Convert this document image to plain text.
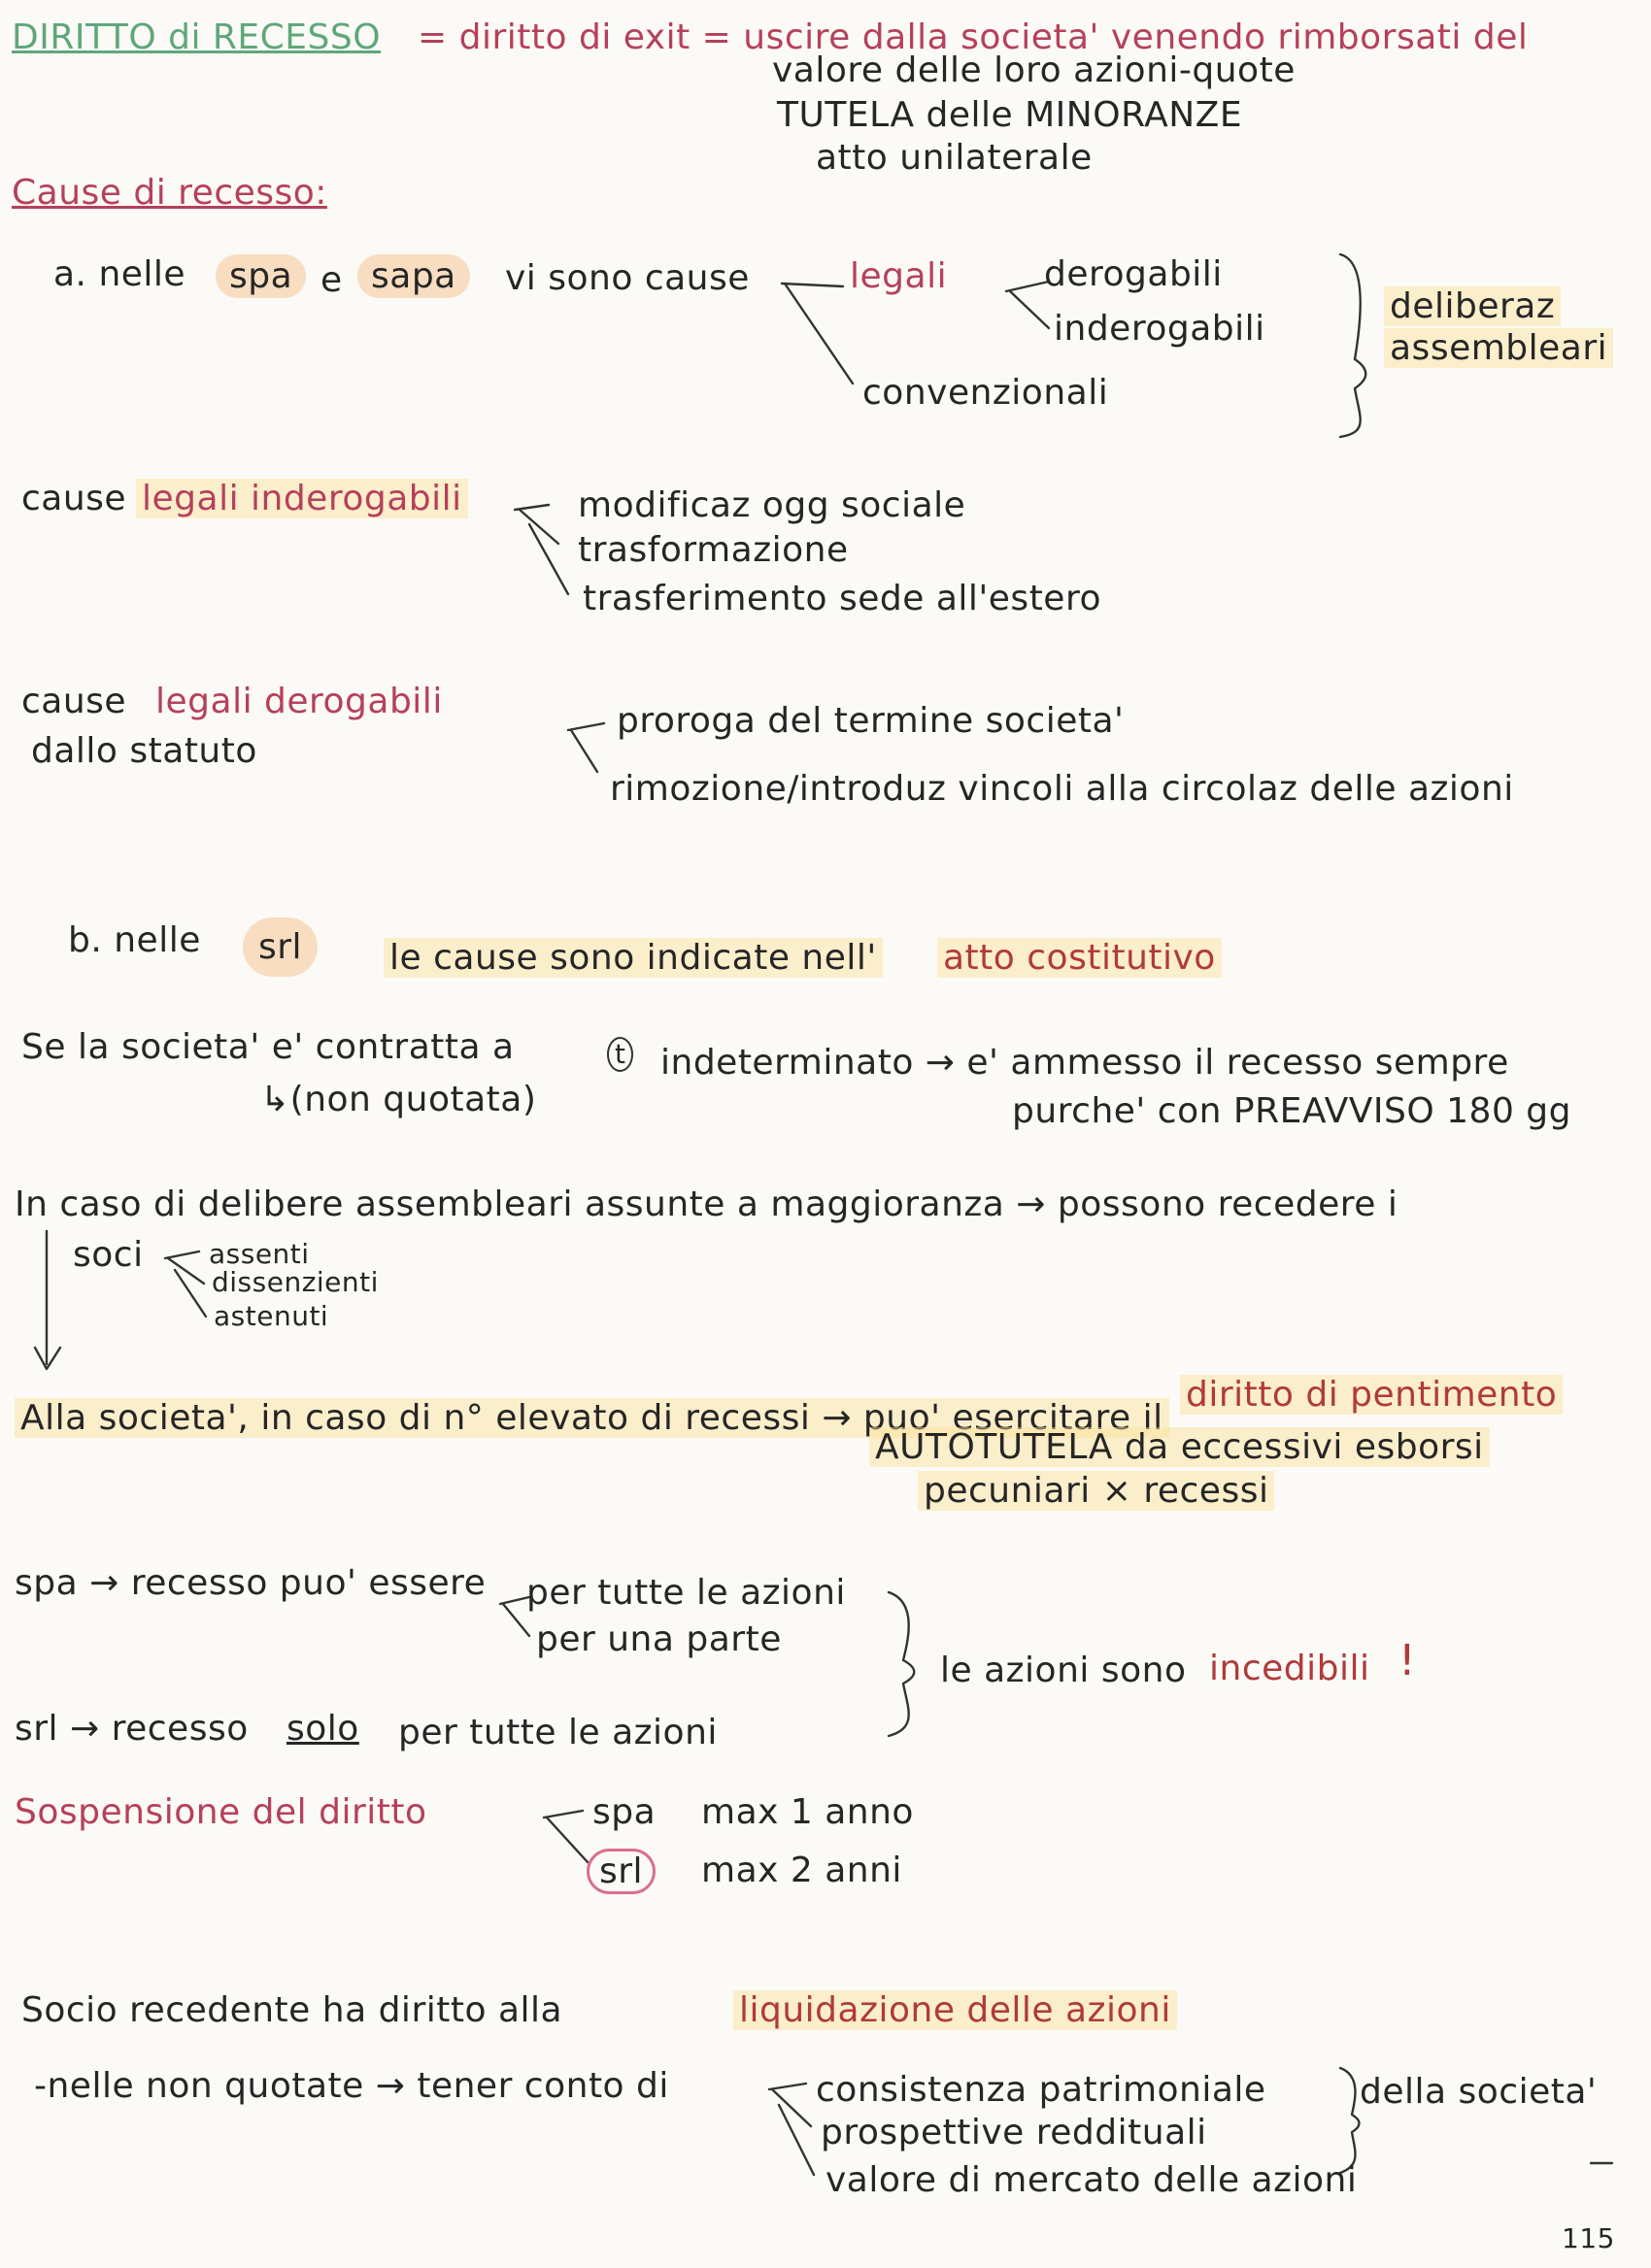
DIRITTO di RECESSO = diritto di exit = uscire dalla societa' venendo rimborsati del
valore delle loro azioni-quote
TUTELA delle MINORANZE
atto unilaterale
Cause di recesso:
a. nelle	spa e sapa	vi sono cause	legali	derogabili
inderogabili
convenzionali
deliberaz
assembleari
cause legali inderogabili	modificaz ogg sociale
trasformazione
trasferimento sede all'estero
cause legali derogabili
dallo statuto
proroga del termine societa'
rimozione/introduz vincoli alla circolaz delle azioni
b. nelle	srl	le cause sono indicate nell' atto costitutivo
Se la societa' e' contratta a	t indeterminato → e' ammesso il recesso sempre
↳(non quotata)	purche' con PREAVVISO 180 gg
In caso di delibere assembleari assunte a maggioranza → possono recedere i
soci assenti
dissenzienti
astenuti
Alla societa', in caso di n° elevato di recessi → puo' esercitare il
diritto di pentimento
AUTOTUTELA da eccessivi esborsi
pecuniari × recessi
spa → recesso puo' essere per tutte le azioni
per una parte
srl → recesso solo per tutte le azioni
le azioni sono incedibili !
Sospensione del diritto	spa max 1 anno
srl	max 2 anni
Socio recedente ha diritto alla	liquidazione delle azioni
-nelle non quotate → tener conto di	consistenza patrimoniale
prospettive reddituali
valore di mercato delle azioni
della societa'
115
